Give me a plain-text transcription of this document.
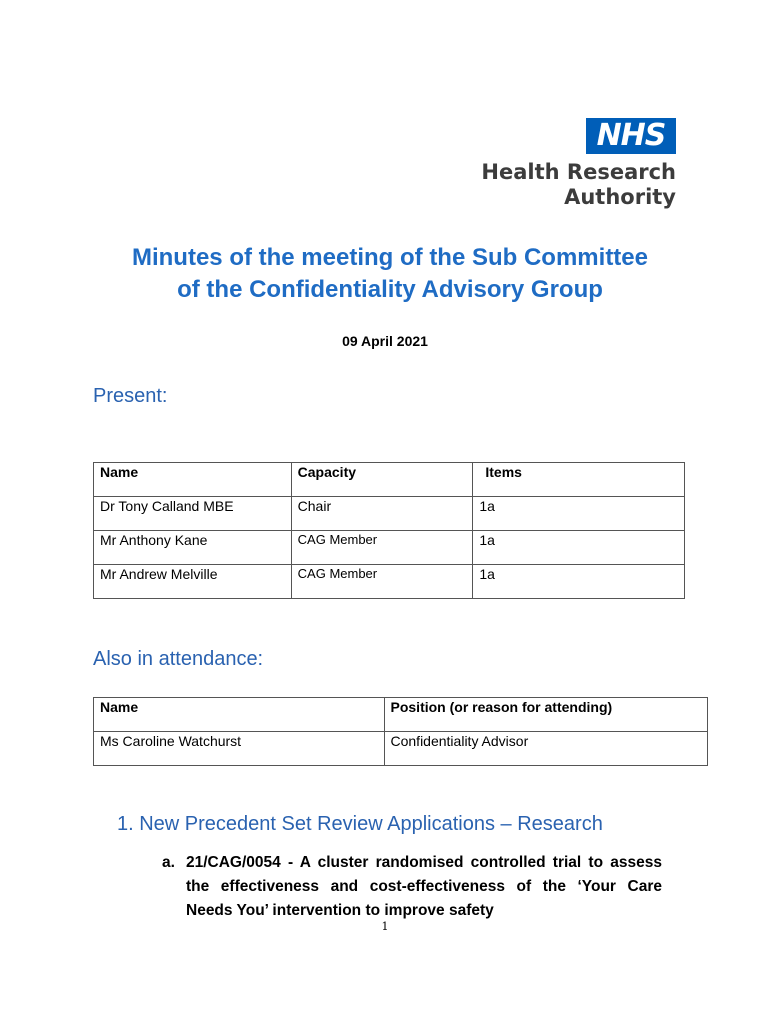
NHS
Health Research
Authority
Minutes of the meeting of the Sub Committee
of the Confidentiality Advisory Group
09 April 2021
Present:
Name	Capacity	Items
Dr Tony Calland MBE	Chair	1a
Mr Anthony Kane	CAG Member	1a
Mr Andrew Melville	CAG Member	1a
Also in attendance:
Name	Position (or reason for attending)
Ms Caroline Watchurst	Confidentiality Advisor
1. New Precedent Set Review Applications – Research
a. 21/CAG/0054 - A cluster randomised controlled trial to assess the effectiveness and cost-effectiveness of the ‘Your Care Needs You’ intervention to improve safety
1
